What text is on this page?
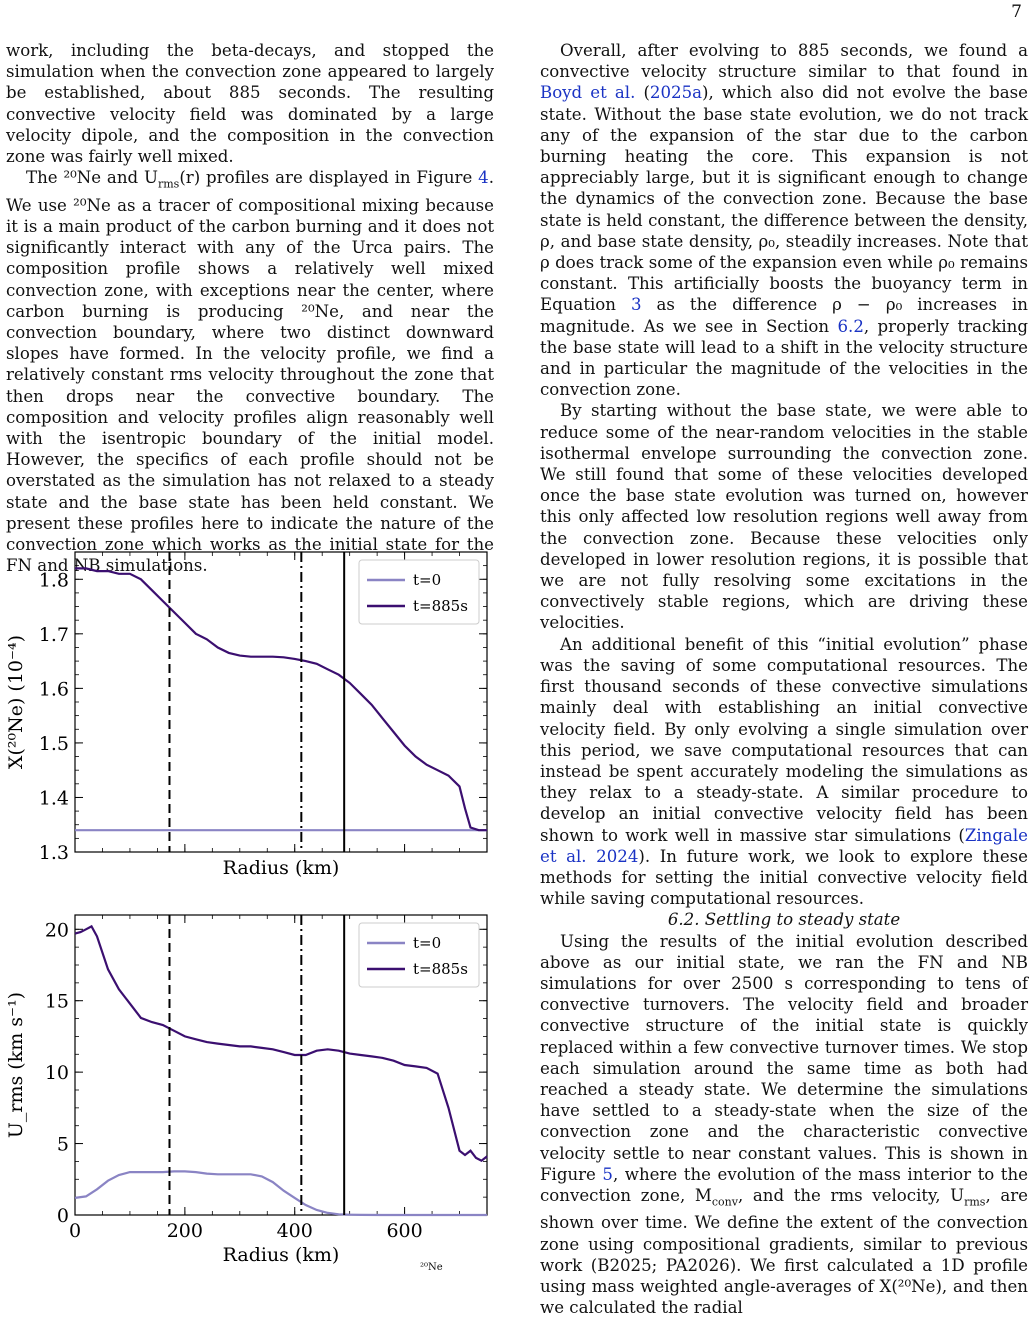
7

work, including the beta-decays, and stopped the simulation when the convection zone appeared to largely be established, about 885 seconds. The resulting convective velocity field was dominated by a large velocity dipole, and the composition in the convection zone was fairly well mixed.

The ²⁰Ne and $U_{rms}(r)$ profiles are displayed in Figure 4. We use ²⁰Ne as a tracer of compositional mixing because it is a main product of the carbon burning and it does not significantly interact with any of the Urca pairs. The composition profile shows a relatively well mixed convection zone, with exceptions near the center, where carbon burning is producing ²⁰Ne, and near the convection boundary, where two distinct downward slopes have formed. In the velocity profile, we find a relatively constant rms velocity throughout the zone that then drops near the convective boundary. The composition and velocity profiles align reasonably well with the isentropic boundary of the initial model. However, the specifics of each profile should not be overstated as the simulation has not relaxed to a steady state and the base state has been held constant. We present these profiles here to indicate the nature of the convection zone which works as the initial state for the FN and NB simulations.

1.3
1.4
1.5
1.6
1.7
1.8
Radius (km)
X(²⁰Ne) (10⁻⁴)
t=0
t=885s
0
5
10
15
20
0	200	400	600
Radius (km)
U_rms (km s⁻¹)
t=0
t=885s

Overall, after evolving to 885 seconds, we found a convective velocity structure similar to that found in Boyd et al. (2025a), which also did not evolve the base state. Without the base state evolution, we do not track any of the expansion of the star due to the carbon burning heating the core. This expansion is not appreciably large, but it is significant enough to change the dynamics of the convection zone. Because the base state is held constant, the difference between the density, ρ, and base state density, ρ₀, steadily increases. Note that ρ does track some of the expansion even while ρ₀ remains constant. This artificially boosts the buoyancy term in Equation 3 as the difference ρ − ρ₀ increases in magnitude. As we see in Section 6.2, properly tracking the base state will lead to a shift in the velocity structure and in particular the magnitude of the velocities in the convection zone.

By starting without the base state, we were able to reduce some of the near-random velocities in the stable isothermal envelope surrounding the convection zone. We still found that some of these velocities developed once the base state evolution was turned on, however this only affected low resolution regions well away from the convection zone. Because these velocities only developed in lower resolution regions, it is possible that we are not fully resolving some excitations in the convectively stable regions, which are driving these velocities.

An additional benefit of this “initial evolution” phase was the saving of some computational resources. The first thousand seconds of these convective simulations mainly deal with establishing an initial convective velocity field. By only evolving a single simulation over this period, we save computational resources that can instead be spent accurately modeling the simulations as they relax to a steady-state. A similar procedure to develop an initial convective velocity field has been shown to work well in massive star simulations (Zingale et al. 2024). In future work, we look to explore these methods for setting the initial convective velocity field while saving computational resources.

6.2. Settling to steady state

Using the results of the initial evolution described above as our initial state, we ran the FN and NB simulations for over 2500 s corresponding to tens of convective turnovers. The velocity field and broader convective structure of the initial state is quickly replaced within a few convective turnover times. We stop each simulation around the same time as both had reached a steady state. We determine the simulations have settled to a steady-state when the size of the convection zone and the characteristic convective velocity settle to near constant values. This is shown in Figure 5, where the evolution of the mass interior to the convection zone, $M_{conv}$, and the rms velocity, $U_{rms}$, are shown over time. We define the extent of the convection zone using compositional gradients, similar to previous work (B2025; PA2026). We first calculated a 1D profile using mass weighted angle-averages of X(²⁰Ne), and then we calculated the radial

²⁰Ne
